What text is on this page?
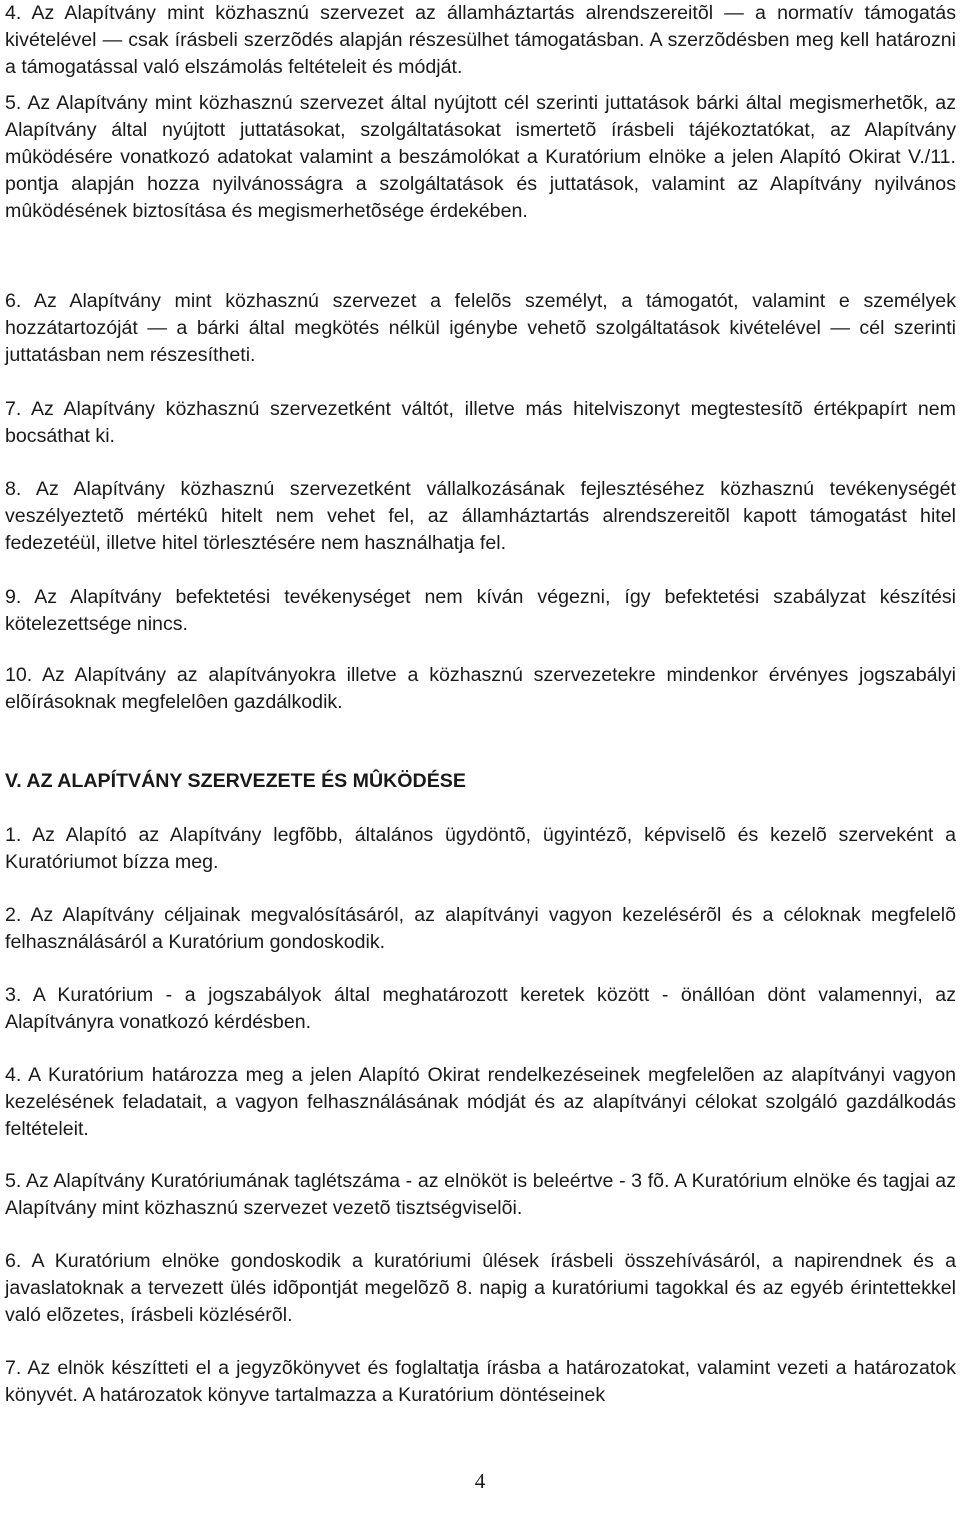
4. Az Alapítvány mint közhasznú szervezet az államháztartás alrendszereitõl — a normatív támogatás kivételével — csak írásbeli szerzõdés alapján részesülhet támogatásban. A szerzõdésben meg kell határozni a támogatással való elszámolás feltételeit és módját.

5. Az Alapítvány mint közhasznú szervezet által nyújtott cél szerinti juttatások bárki által megismerhetõk, az Alapítvány által nyújtott juttatásokat, szolgáltatásokat ismertetõ írásbeli tájékoztatókat, az Alapítvány mûködésére vonatkozó adatokat valamint a beszámolókat a Kuratórium elnöke a jelen Alapító Okirat V./11. pontja alapján hozza nyilvánosságra a szolgáltatások és juttatások, valamint az Alapítvány nyilvános mûködésének biztosítása és megismerhetõsége érdekében.

6. Az Alapítvány mint közhasznú szervezet a felelõs személyt, a támogatót, valamint e személyek hozzátartozóját — a bárki által megkötés nélkül igénybe vehetõ szolgáltatások kivételével — cél szerinti juttatásban nem részesítheti.

7. Az Alapítvány közhasznú szervezetként váltót, illetve más hitelviszonyt megtestesítõ értékpapírt nem bocsáthat ki.

8. Az Alapítvány közhasznú szervezetként vállalkozásának fejlesztéséhez közhasznú tevékenységét veszélyeztetõ mértékû hitelt nem vehet fel, az államháztartás alrendszereitõl kapott támogatást hitel fedezetéül, illetve hitel törlesztésére nem használhatja fel.

9. Az Alapítvány befektetési tevékenységet nem kíván végezni, így befektetési szabályzat készítési kötelezettsége nincs.

10. Az Alapítvány az alapítványokra illetve a közhasznú szervezetekre mindenkor érvényes jogszabályi elõírásoknak megfelelôen gazdálkodik.

V. AZ ALAPÍTVÁNY SZERVEZETE ÉS MÛKÖDÉSE

1. Az Alapító az Alapítvány legfõbb, általános ügydöntõ, ügyintézõ, képviselõ és kezelõ szerveként a Kuratóriumot bízza meg.

2. Az Alapítvány céljainak megvalósításáról, az alapítványi vagyon kezelésérõl és a céloknak megfelelõ felhasználásáról a Kuratórium gondoskodik.

3. A Kuratórium - a jogszabályok által meghatározott keretek között - önállóan dönt valamennyi, az Alapítványra vonatkozó kérdésben.

4. A Kuratórium határozza meg a jelen Alapító Okirat rendelkezéseinek megfelelõen az alapítványi vagyon kezelésének feladatait, a vagyon felhasználásának módját és az alapítványi célokat szolgáló gazdálkodás feltételeit.

5. Az Alapítvány Kuratóriumának taglétszáma - az elnököt is beleértve - 3 fõ. A Kuratórium elnöke és tagjai az Alapítvány mint közhasznú szervezet vezetõ tisztségviselõi.

6. A Kuratórium elnöke gondoskodik a kuratóriumi ûlések írásbeli összehívásáról, a napirendnek és a javaslatoknak a tervezett ülés idõpontját megelõzõ 8. napig a kuratóriumi tagokkal és az egyéb érintettekkel való elõzetes, írásbeli közlésérõl.

7. Az elnök készítteti el a jegyzõkönyvet és foglaltatja írásba a határozatokat, valamint vezeti a határozatok könyvét. A határozatok könyve tartalmazza a Kuratórium döntéseinek

4
